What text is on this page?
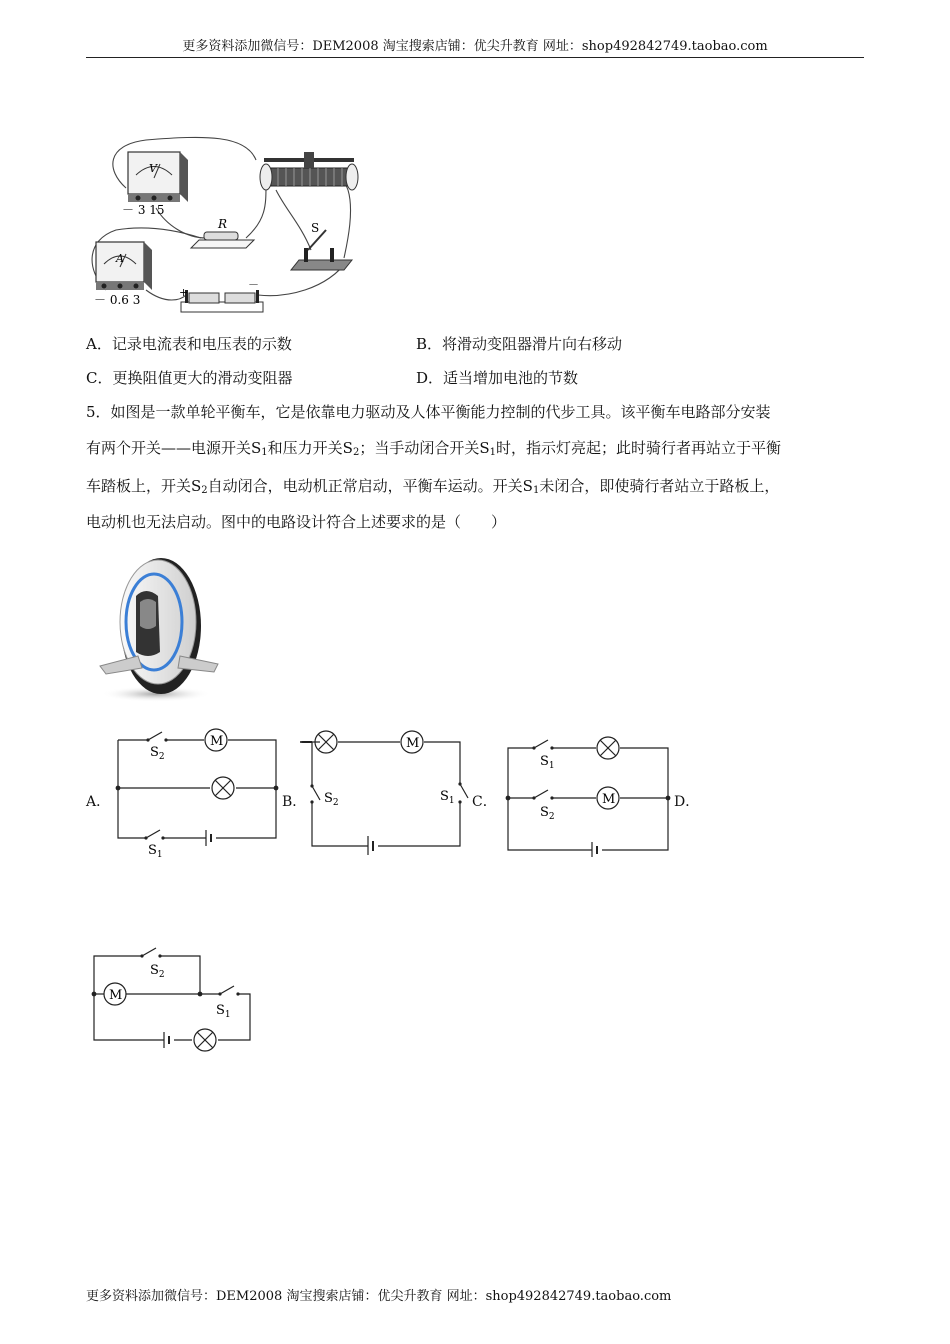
更多资料添加微信号：DEM2008 淘宝搜索店铺：优尖升教育 网址：shop492842749.taobao.com
V
－ 3 15
R	S
A
－ 0.6 3
+
－
A．记录电流表和电压表的示数	B．将滑动变阻器滑片向右移动
C．更换阻值更大的滑动变阻器	D．适当增加电池的节数
5．如图是一款单轮平衡车，它是依靠电力驱动及人体平衡能力控制的代步工具。该平衡车电路部分安装
有两个开关——电源开关$S_1$和压力开关$S_2$；当手动闭合开关$S_1$时，指示灯亮起；此时骑行者再站立于平衡
车踏板上，开关$S_2$自动闭合，电动机正常启动，平衡车运动。开关$S_1$未闭合，即使骑行者站立于路板上，
电动机也无法启动。图中的电路设计符合上述要求的是（　　）
M
$S_2$
$S_1$
A．	B．
M
$S_2$	$S_1$ C．	M
$S_1$
$S_2$
D．
M
$S_2$
$S_1$
更多资料添加微信号：DEM2008 淘宝搜索店铺：优尖升教育 网址：shop492842749.taobao.com
